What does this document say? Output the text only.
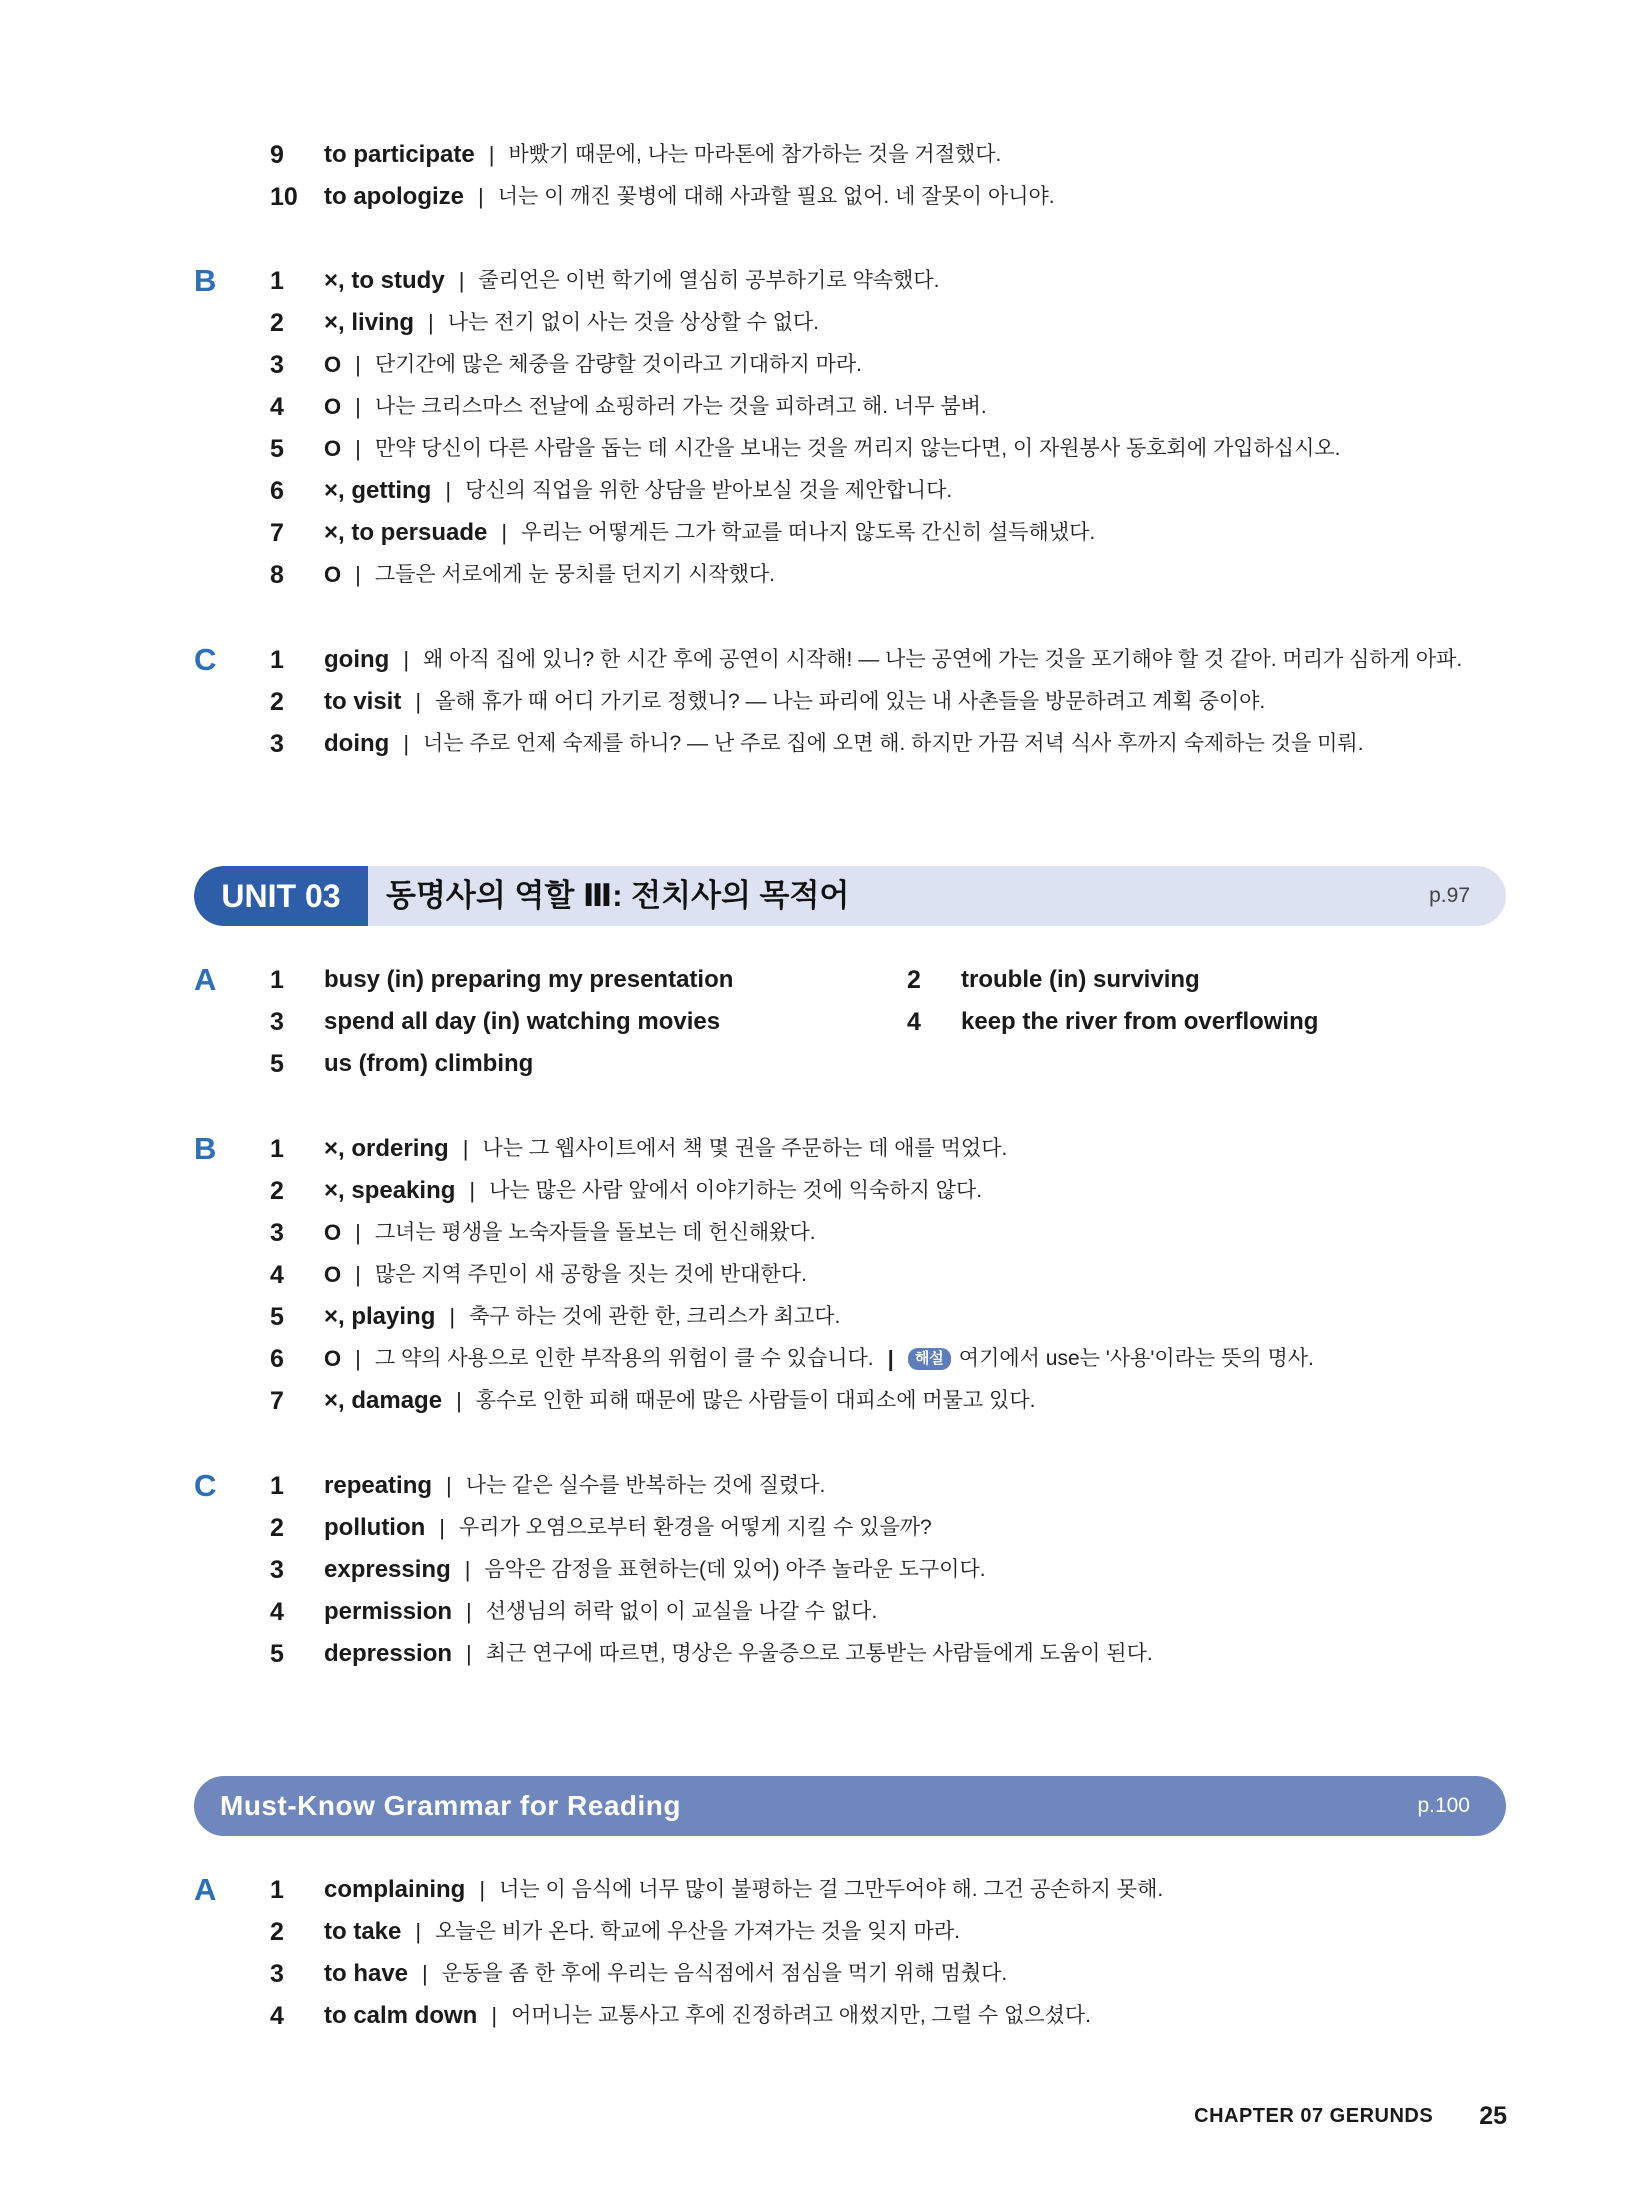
9	to participate | 바빴기 때문에, 나는 마라톤에 참가하는 것을 거절했다.
10	to apologize | 너는 이 깨진 꽃병에 대해 사과할 필요 없어. 네 잘못이 아니야.
B 1	×, to study | 줄리언은 이번 학기에 열심히 공부하기로 약속했다.
2	×, living | 나는 전기 없이 사는 것을 상상할 수 없다.
3	O | 단기간에 많은 체중을 감량할 것이라고 기대하지 마라.
4	O | 나는 크리스마스 전날에 쇼핑하러 가는 것을 피하려고 해. 너무 붐벼.
5	O | 만약 당신이 다른 사람을 돕는 데 시간을 보내는 것을 꺼리지 않는다면, 이 자원봉사 동호회에 가입하십시오.
6	×, getting | 당신의 직업을 위한 상담을 받아보실 것을 제안합니다.
7	×, to persuade | 우리는 어떻게든 그가 학교를 떠나지 않도록 간신히 설득해냈다.
8	O | 그들은 서로에게 눈 뭉치를 던지기 시작했다.
C 1	going | 왜 아직 집에 있니? 한 시간 후에 공연이 시작해! — 나는 공연에 가는 것을 포기해야 할 것 같아. 머리가 심하게 아파.
2	to visit | 올해 휴가 때 어디 가기로 정했니? — 나는 파리에 있는 내 사촌들을 방문하려고 계획 중이야.
3	doing | 너는 주로 언제 숙제를 하니? — 난 주로 집에 오면 해. 하지만 가끔 저녁 식사 후까지 숙제하는 것을 미뤄.
UNIT 03	동명사의 역할 Ⅲ: 전치사의 목적어	p.97
A 1	busy (in) preparing my presentation	2	trouble (in) surviving
3	spend all day (in) watching movies	4	keep the river from overflowing
5	us (from) climbing
B 1	×, ordering | 나는 그 웹사이트에서 책 몇 권을 주문하는 데 애를 먹었다.
2	×, speaking | 나는 많은 사람 앞에서 이야기하는 것에 익숙하지 않다.
3	O | 그녀는 평생을 노숙자들을 돌보는 데 헌신해왔다.
4	O | 많은 지역 주민이 새 공항을 짓는 것에 반대한다.
5	×, playing | 축구 하는 것에 관한 한, 크리스가 최고다.
6	O | 그 약의 사용으로 인한 부작용의 위험이 클 수 있습니다. |	해설 여기에서 use는 '사용'이라는 뜻의 명사.
7	×, damage | 홍수로 인한 피해 때문에 많은 사람들이 대피소에 머물고 있다.
C 1	repeating | 나는 같은 실수를 반복하는 것에 질렸다.
2	pollution | 우리가 오염으로부터 환경을 어떻게 지킬 수 있을까?
3	expressing | 음악은 감정을 표현하는(데 있어) 아주 놀라운 도구이다.
4	permission | 선생님의 허락 없이 이 교실을 나갈 수 없다.
5	depression | 최근 연구에 따르면, 명상은 우울증으로 고통받는 사람들에게 도움이 된다.
Must-Know Grammar for Reading	p.100
A 1	complaining | 너는 이 음식에 너무 많이 불평하는 걸 그만두어야 해. 그건 공손하지 못해.
2	to take | 오늘은 비가 온다. 학교에 우산을 가져가는 것을 잊지 마라.
3	to have | 운동을 좀 한 후에 우리는 음식점에서 점심을 먹기 위해 멈췄다.
4	to calm down | 어머니는 교통사고 후에 진정하려고 애썼지만, 그럴 수 없으셨다.
CHAPTER 07 GERUNDS 25
